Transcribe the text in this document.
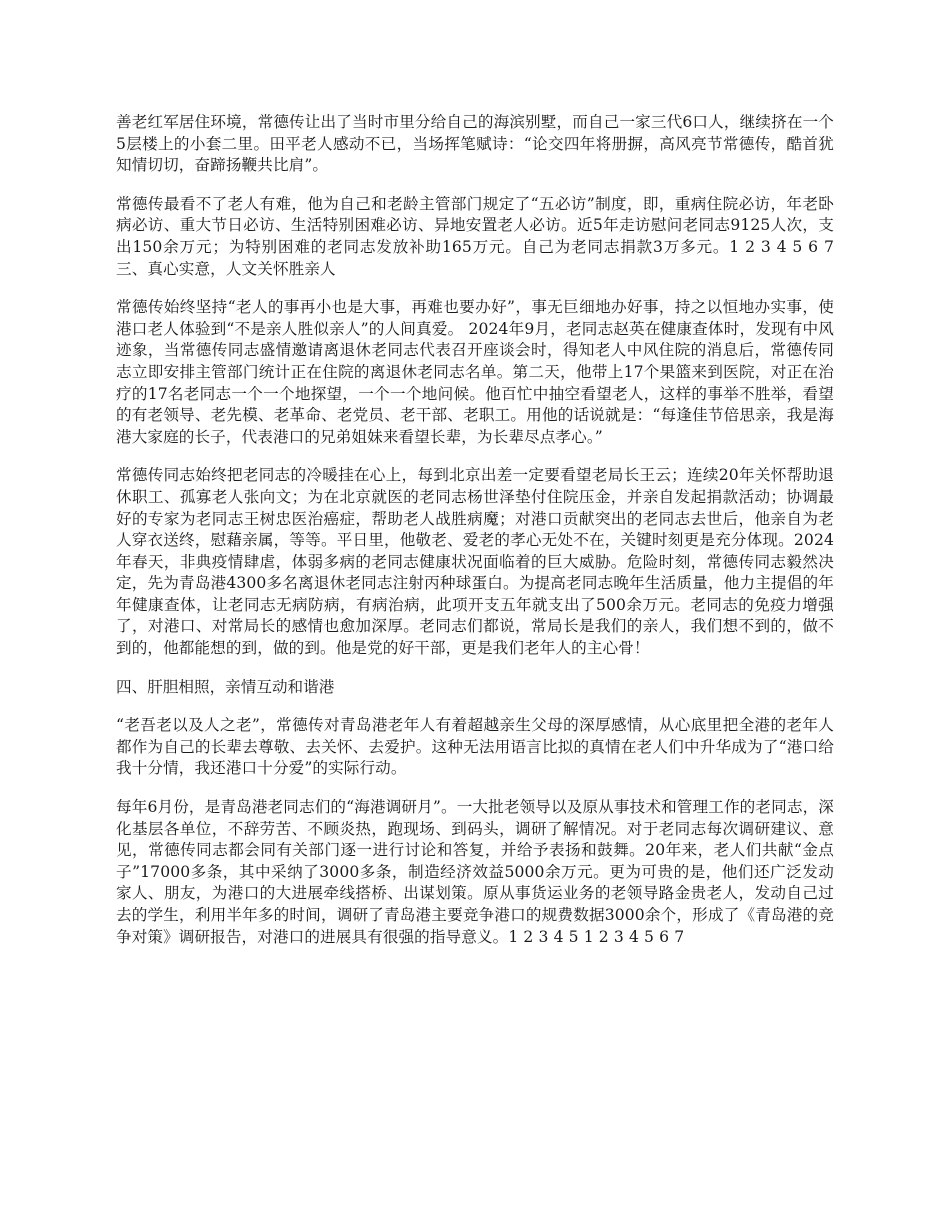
善老红军居住环境，常德传让出了当时市里分给自己的海滨别墅，而自己一家三代6口人，继续挤在一个5层楼上的小套二里。田平老人感动不已，当场挥笔赋诗：“论交四年将册摒，高风亮节常德传，酷首犹知情切切，奋蹄扬鞭共比肩”。

常德传最看不了老人有难，他为自己和老龄主管部门规定了“五必访”制度，即，重病住院必访，年老卧病必访、重大节日必访、生活特别困难必访、异地安置老人必访。近5年走访慰问老同志9125人次，支出150余万元；为特别困难的老同志发放补助165万元。自己为老同志捐款3万多元。1 2 3 4 5 6 7 三、真心实意，人文关怀胜亲人

常德传始终坚持“老人的事再小也是大事，再难也要办好”，事无巨细地办好事，持之以恒地办实事，使港口老人体验到“不是亲人胜似亲人”的人间真爱。 2024年9月，老同志赵英在健康查体时，发现有中风迹象，当常德传同志盛情邀请离退休老同志代表召开座谈会时，得知老人中风住院的消息后，常德传同志立即安排主管部门统计正在住院的离退休老同志名单。第二天，他带上17个果篮来到医院，对正在治疗的17名老同志一个一个地探望，一个一个地问候。他百忙中抽空看望老人，这样的事举不胜举，看望的有老领导、老先模、老革命、老党员、老干部、老职工。用他的话说就是：“每逢佳节倍思亲，我是海港大家庭的长子，代表港口的兄弟姐妹来看望长辈，为长辈尽点孝心。”

常德传同志始终把老同志的冷暖挂在心上，每到北京出差一定要看望老局长王云；连续20年关怀帮助退休职工、孤寡老人张向文；为在北京就医的老同志杨世泽垫付住院压金，并亲自发起捐款活动；协调最好的专家为老同志王树忠医治癌症，帮助老人战胜病魔；对港口贡献突出的老同志去世后，他亲自为老人穿衣送终，慰藉亲属，等等。平日里，他敬老、爱老的孝心无处不在，关键时刻更是充分体现。2024年春天，非典疫情肆虐，体弱多病的老同志健康状况面临着的巨大威胁。危险时刻，常德传同志毅然决定，先为青岛港4300多名离退休老同志注射丙种球蛋白。为提高老同志晚年生活质量，他力主提倡的年年健康查体，让老同志无病防病，有病治病，此项开支五年就支出了500余万元。老同志的免疫力增强了，对港口、对常局长的感情也愈加深厚。老同志们都说，常局长是我们的亲人，我们想不到的，做不到的，他都能想的到，做的到。他是党的好干部，更是我们老年人的主心骨！

四、肝胆相照，亲情互动和谐港

“老吾老以及人之老”，常德传对青岛港老年人有着超越亲生父母的深厚感情，从心底里把全港的老年人都作为自己的长辈去尊敬、去关怀、去爱护。这种无法用语言比拟的真情在老人们中升华成为了“港口给我十分情，我还港口十分爱”的实际行动。

每年6月份，是青岛港老同志们的“海港调研月”。一大批老领导以及原从事技术和管理工作的老同志，深化基层各单位，不辞劳苦、不顾炎热，跑现场、到码头，调研了解情况。对于老同志每次调研建议、意见，常德传同志都会同有关部门逐一进行讨论和答复，并给予表扬和鼓舞。20年来，老人们共献“金点子”17000多条，其中采纳了3000多条，制造经济效益5000余万元。更为可贵的是，他们还广泛发动家人、朋友，为港口的大进展牵线搭桥、出谋划策。原从事货运业务的老领导路金贵老人，发动自己过去的学生，利用半年多的时间，调研了青岛港主要竞争港口的规费数据3000余个，形成了《青岛港的竞争对策》调研报告，对港口的进展具有很强的指导意义。1 2 3 4 5 1 2 3 4 5 6 7
